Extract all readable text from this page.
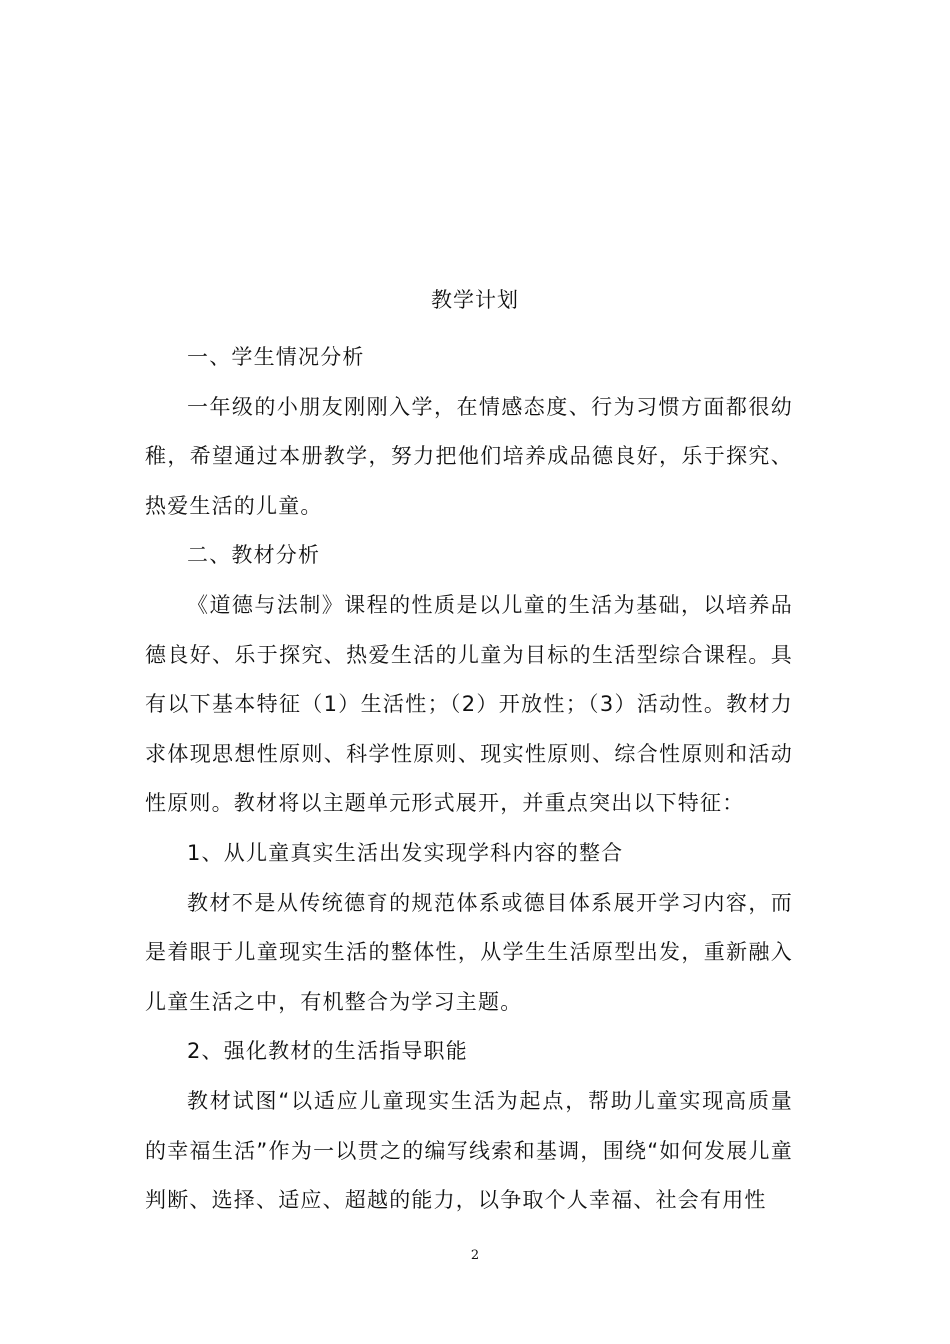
教学计划

一、学生情况分析

一年级的小朋友刚刚入学，在情感态度、行为习惯方面都很幼稚，希望通过本册教学，努力把他们培养成品德良好，乐于探究、热爱生活的儿童。

二、教材分析

《道德与法制》课程的性质是以儿童的生活为基础，以培养品德良好、乐于探究、热爱生活的儿童为目标的生活型综合课程。具有以下基本特征（1）生活性；（2）开放性；（3）活动性。教材力求体现思想性原则、科学性原则、现实性原则、综合性原则和活动性原则。教材将以主题单元形式展开，并重点突出以下特征：

1、从儿童真实生活出发实现学科内容的整合

教材不是从传统德育的规范体系或德目体系展开学习内容，而是着眼于儿童现实生活的整体性，从学生生活原型出发，重新融入儿童生活之中，有机整合为学习主题。

2、强化教材的生活指导职能

教材试图“以适应儿童现实生活为起点，帮助儿童实现高质量的幸福生活”作为一以贯之的编写线索和基调，围绕“如何发展儿童判断、选择、适应、超越的能力，以争取个人幸福、社会有用性

2
